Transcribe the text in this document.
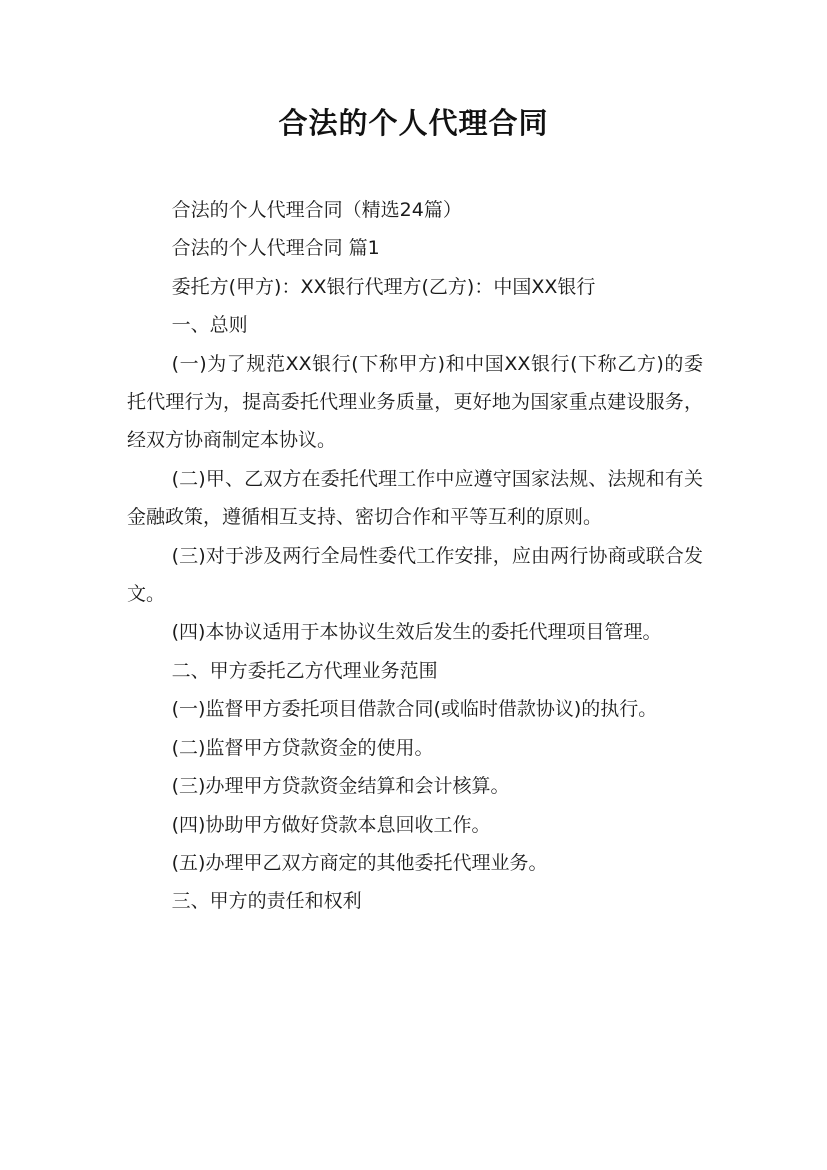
合法的个人代理合同

合法的个人代理合同（精选24篇）

合法的个人代理合同 篇1

委托方(甲方)：XX银行代理方(乙方)：中国XX银行

一、总则

(一)为了规范XX银行(下称甲方)和中国XX银行(下称乙方)的委托代理行为，提高委托代理业务质量，更好地为国家重点建设服务，经双方协商制定本协议。

(二)甲、乙双方在委托代理工作中应遵守国家法规、法规和有关金融政策，遵循相互支持、密切合作和平等互利的原则。

(三)对于涉及两行全局性委代工作安排，应由两行协商或联合发文。

(四)本协议适用于本协议生效后发生的委托代理项目管理。

二、甲方委托乙方代理业务范围

(一)监督甲方委托项目借款合同(或临时借款协议)的执行。

(二)监督甲方贷款资金的使用。

(三)办理甲方贷款资金结算和会计核算。

(四)协助甲方做好贷款本息回收工作。

(五)办理甲乙双方商定的其他委托代理业务。

三、甲方的责任和权利
